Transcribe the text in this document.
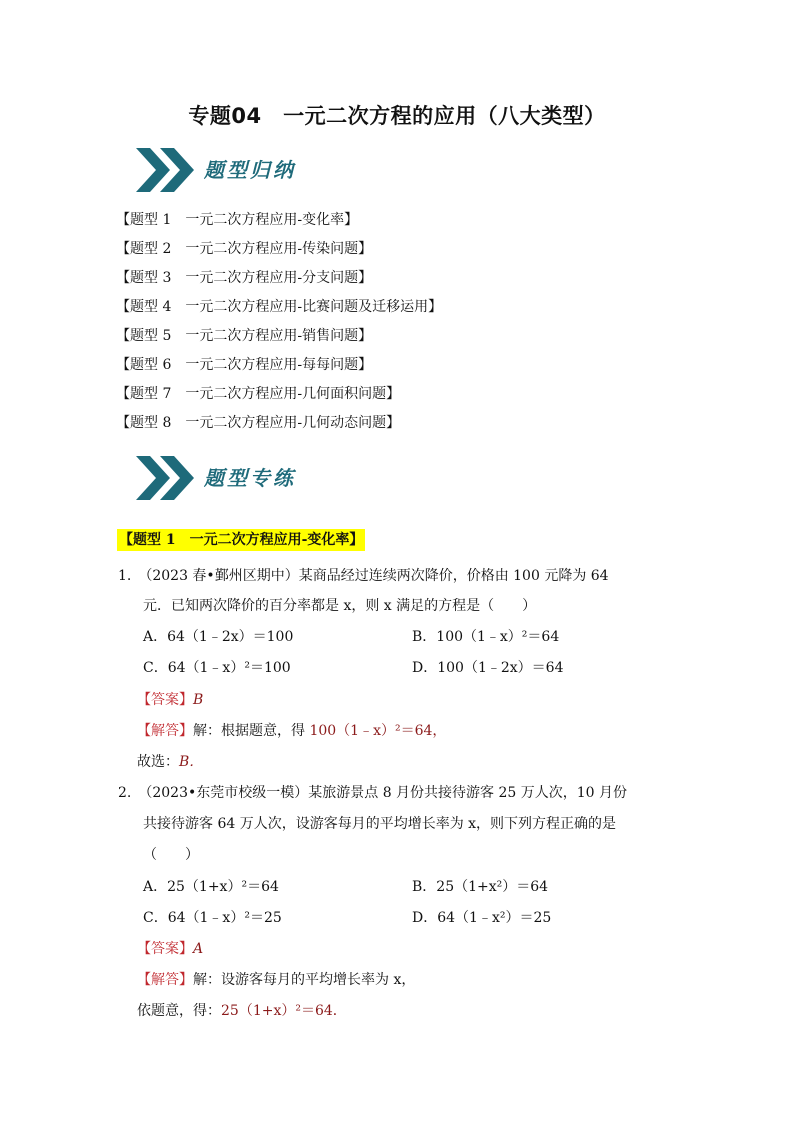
专题04　一元二次方程的应用（八大类型）
题型归纳
【题型 1　一元二次方程应用-变化率】
【题型 2　一元二次方程应用-传染问题】
【题型 3　一元二次方程应用-分支问题】
【题型 4　一元二次方程应用-比赛问题及迁移运用】
【题型 5　一元二次方程应用-销售问题】
【题型 6　一元二次方程应用-每每问题】
【题型 7　一元二次方程应用-几何面积问题】
【题型 8　一元二次方程应用-几何动态问题】
题型专练
【题型 1　一元二次方程应用-变化率】
1.　（2023 春•鄞州区期中）某商品经过连续两次降价，价格由 100 元降为 64
元．已知两次降价的百分率都是 x，则 x 满足的方程是（　　）
A．64（1﹣2x）＝100	B．100（1﹣x）²＝64
C．64（1﹣x）²＝100	D．100（1﹣2x）＝64
【答案】B
【解答】解：根据题意，得 100（1﹣x）²＝64，
故选：B．
2.　（2023•东莞市校级一模）某旅游景点 8 月份共接待游客 25 万人次，10 月份
共接待游客 64 万人次，设游客每月的平均增长率为 x，则下列方程正确的是
（　　）
A．25（1+x）²＝64	B．25（1+x²）＝64
C．64（1﹣x）²＝25	D．64（1﹣x²）＝25
【答案】A
【解答】解：设游客每月的平均增长率为 x，
依题意，得：25（1+x）²＝64．
